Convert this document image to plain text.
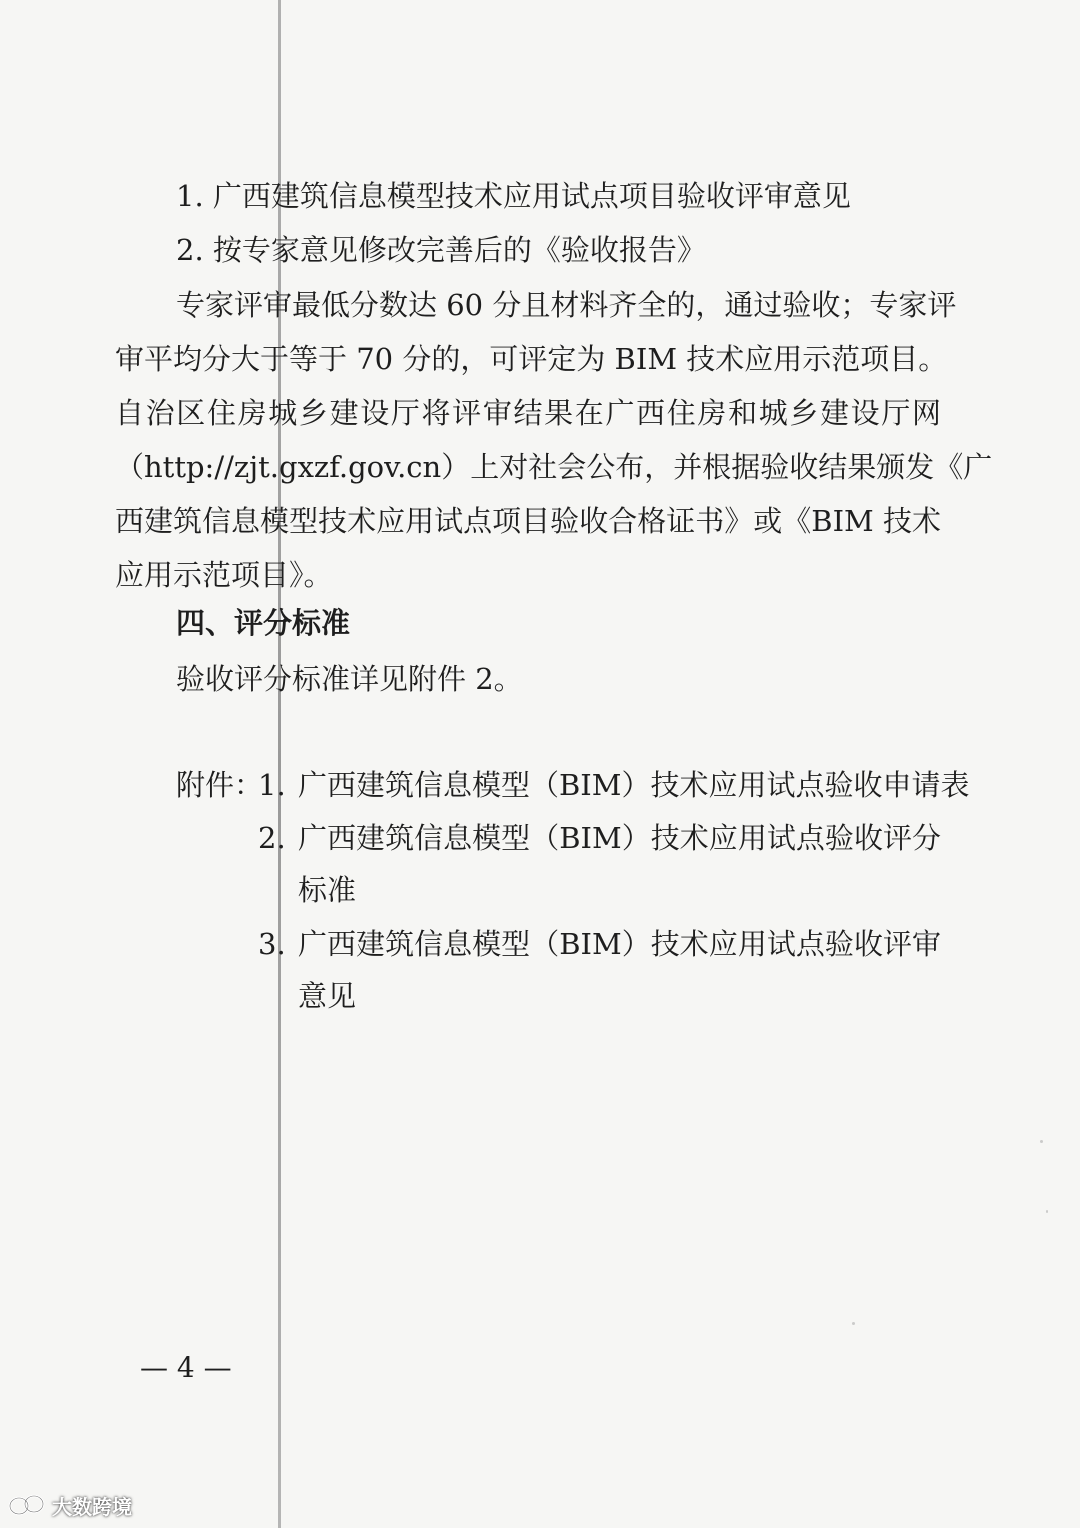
1. 广西建筑信息模型技术应用试点项目验收评审意见
2. 按专家意见修改完善后的《验收报告》
专家评审最低分数达 60 分且材料齐全的，通过验收；专家评
审平均分大于等于 70 分的，可评定为 BIM 技术应用示范项目。
自治区住房城乡建设厅将评审结果在广西住房和城乡建设厅网
（http://zjt.gxzf.gov.cn）上对社会公布，并根据验收结果颁发《广
西建筑信息模型技术应用试点项目验收合格证书》或《BIM 技术
应用示范项目》。
四、评分标准
验收评分标准详见附件 2。
附件：
1. 广西建筑信息模型（BIM）技术应用试点验收申请表
2. 广西建筑信息模型（BIM）技术应用试点验收评分
标准
3. 广西建筑信息模型（BIM）技术应用试点验收评审
意见
— 4 —
大数跨境
